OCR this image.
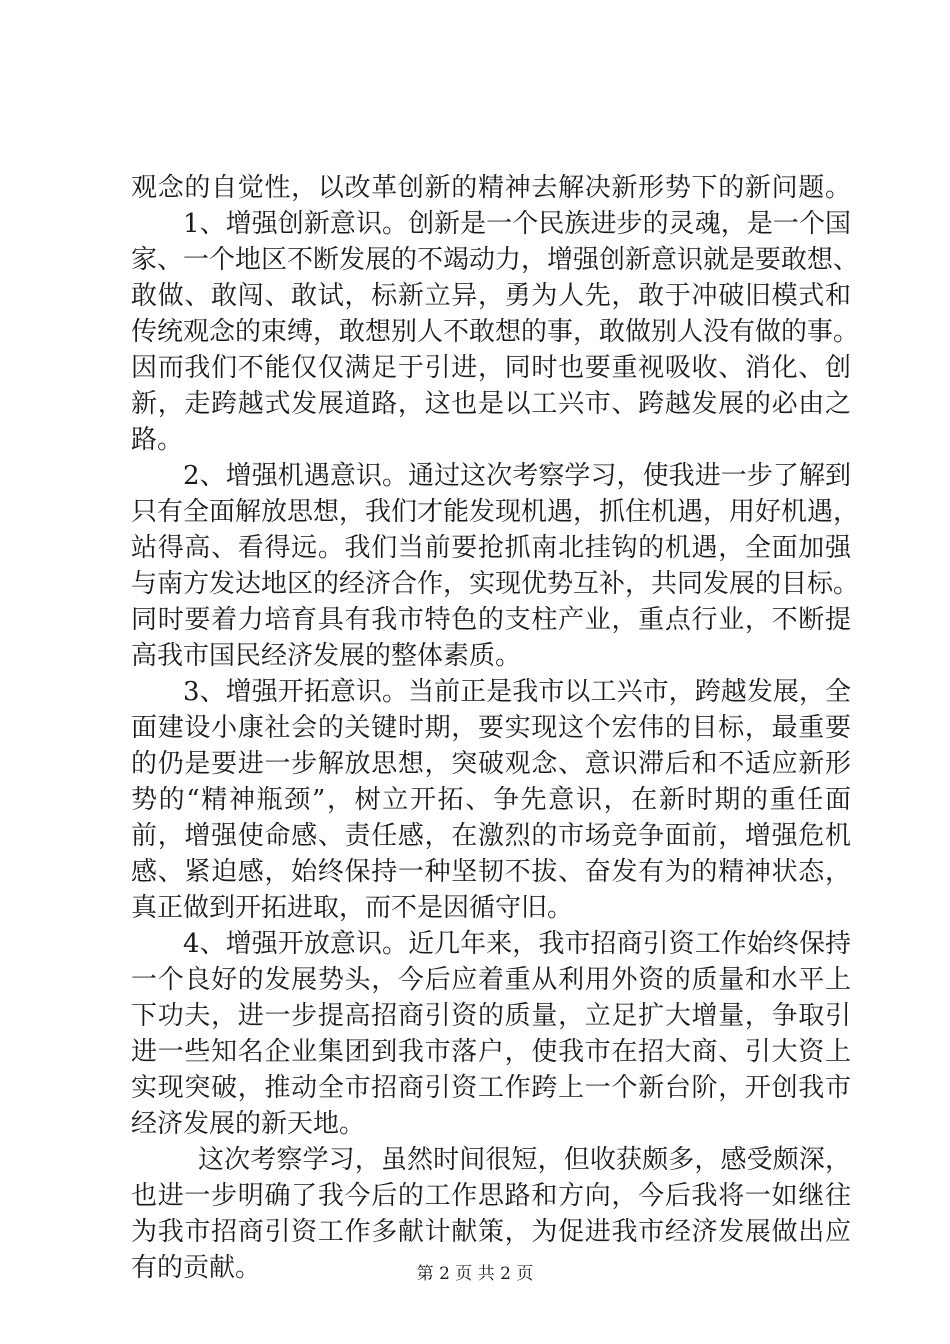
观念的自觉性，以改革创新的精神去解决新形势下的新问题。
1、增强创新意识。创新是一个民族进步的灵魂，是一个国
家、一个地区不断发展的不竭动力，增强创新意识就是要敢想、
敢做、敢闯、敢试，标新立异，勇为人先，敢于冲破旧模式和
传统观念的束缚，敢想别人不敢想的事，敢做别人没有做的事。
因而我们不能仅仅满足于引进，同时也要重视吸收、消化、创
新，走跨越式发展道路，这也是以工兴市、跨越发展的必由之
路。
2、增强机遇意识。通过这次考察学习，使我进一步了解到
只有全面解放思想，我们才能发现机遇，抓住机遇，用好机遇，
站得高、看得远。我们当前要抢抓南北挂钩的机遇，全面加强
与南方发达地区的经济合作，实现优势互补，共同发展的目标。
同时要着力培育具有我市特色的支柱产业，重点行业，不断提
高我市国民经济发展的整体素质。
3、增强开拓意识。当前正是我市以工兴市，跨越发展，全
面建设小康社会的关键时期，要实现这个宏伟的目标，最重要
的仍是要进一步解放思想，突破观念、意识滞后和不适应新形
势的“精神瓶颈”，树立开拓、争先意识，在新时期的重任面
前，增强使命感、责任感，在激烈的市场竞争面前，增强危机
感、紧迫感，始终保持一种坚韧不拔、奋发有为的精神状态，
真正做到开拓进取，而不是因循守旧。
4、增强开放意识。近几年来，我市招商引资工作始终保持
一个良好的发展势头，今后应着重从利用外资的质量和水平上
下功夫，进一步提高招商引资的质量，立足扩大增量，争取引
进一些知名企业集团到我市落户，使我市在招大商、引大资上
实现突破，推动全市招商引资工作跨上一个新台阶，开创我市
经济发展的新天地。
这次考察学习，虽然时间很短，但收获颇多，感受颇深，
也进一步明确了我今后的工作思路和方向，今后我将一如继往
为我市招商引资工作多献计献策，为促进我市经济发展做出应
有的贡献。	第 2 页 共 2 页
